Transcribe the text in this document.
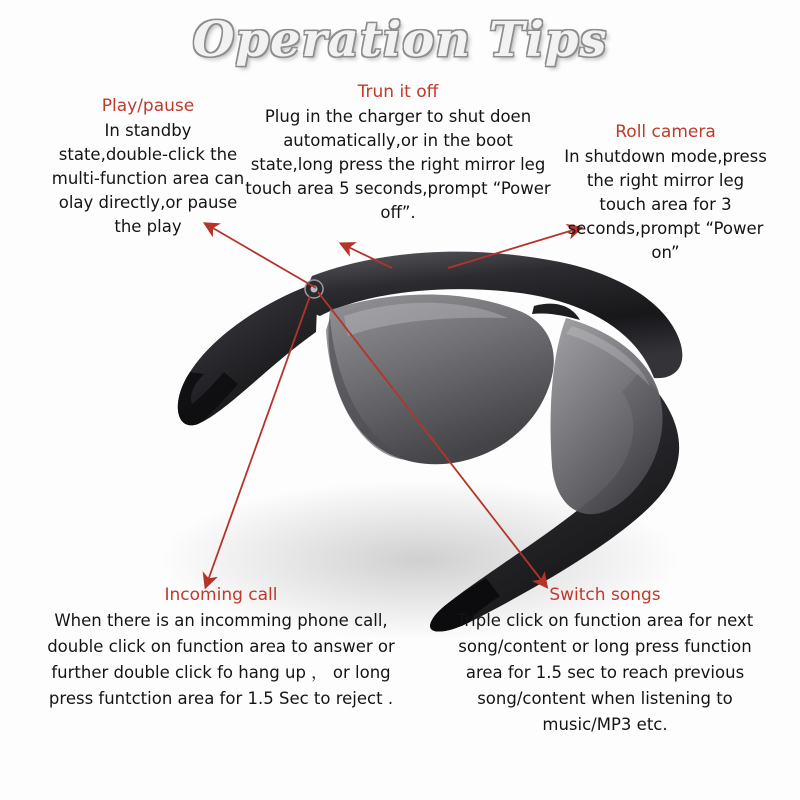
Operation Tips
Play/pause
In standby state,double-click the multi-function area can olay directly,or pause the play
Trun it off
Plug in the charger to shut doen automatically,or in the boot state,long press the right mirror leg touch area 5 seconds,prompt “Power off”.
Roll camera
In shutdown mode,press the right mirror leg touch area for 3 seconds,prompt “Power on”
Incoming call
When there is an incomming phone call, double click on function area to answer or further double click fo hang up ， or long press funtction area for 1.5 Sec to reject .
Switch songs
Triple click on function area for next song/content or long press function area for 1.5 sec to reach previous song/content when listening to music/MP3 etc.
